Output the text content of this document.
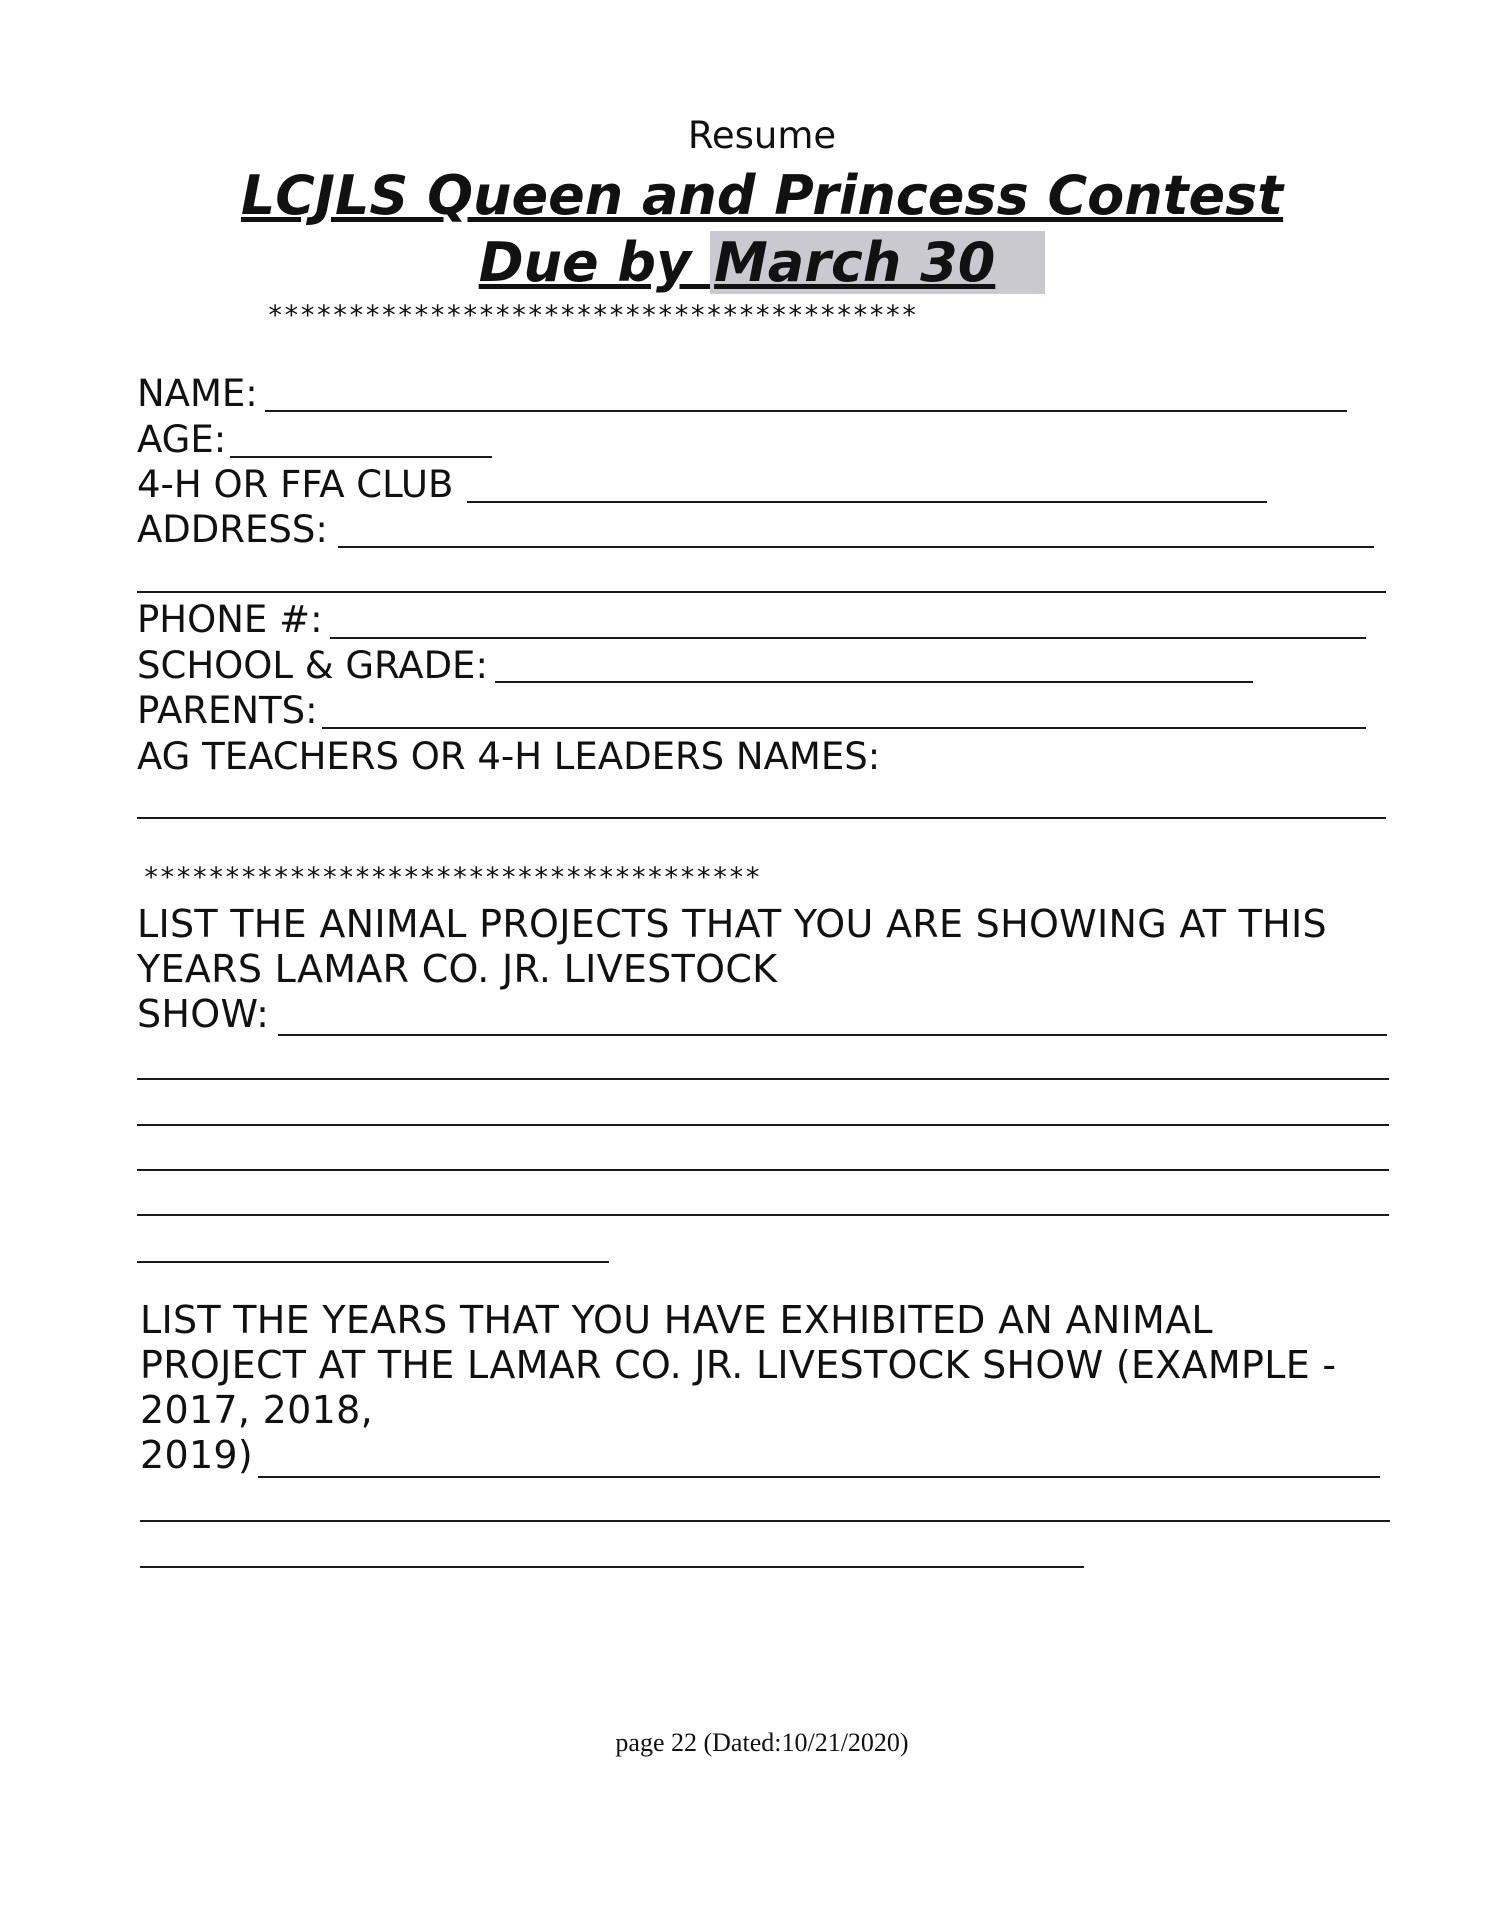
Resume
LCJLS Queen and Princess Contest
Due by March 30
****************************************
NAME:
AGE:
4-H OR FFA CLUB
ADDRESS:
PHONE #:
SCHOOL & GRADE:
PARENTS:
AG TEACHERS OR 4-H LEADERS NAMES:
**************************************
LIST THE ANIMAL PROJECTS THAT YOU ARE SHOWING AT THIS
YEARS LAMAR CO. JR. LIVESTOCK
SHOW:
LIST THE YEARS THAT YOU HAVE EXHIBITED AN ANIMAL
PROJECT AT THE LAMAR CO. JR. LIVESTOCK SHOW (EXAMPLE -
2017, 2018,
2019)
page 22 (Dated:10/21/2020)
